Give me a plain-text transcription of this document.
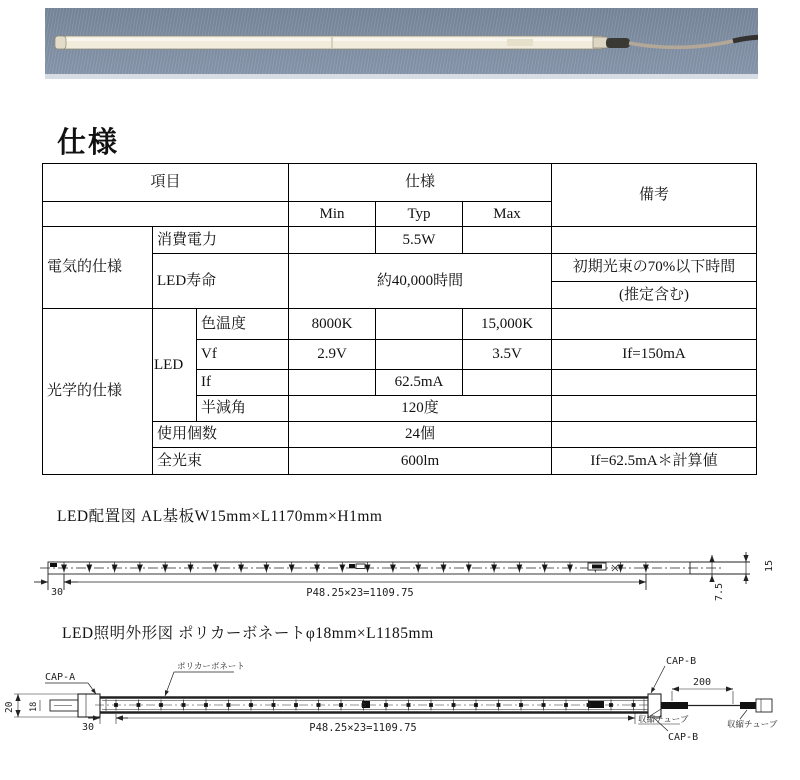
仕様
項目			仕様			備考
			Min	Typ	Max	
電気的仕様	消費電力			5.5W		
	LED寿命		約40,000時間			初期光束の70%以下時間
						(推定含む)
光学的仕様	LED	色温度	8000K		15,000K	
		Vf	2.9V		3.5V	If=150mA
		If		62.5mA		
		半減角	120度			
	使用個数		24個			
	全光束		600lm			If=62.5mA＊計算値
LED配置図 AL基板W15mm×L1170mm×H1mm
30	P48.25×23=1109.75	7.5
15
LED照明外形図 ポリカーボネートφ18mm×L1185mm
CAP-A
20 18
ポリカーボネート	CAP-B
200
30	P48.25×23=1109.75
収縮チューブ
CAP-B
収縮チューブ
